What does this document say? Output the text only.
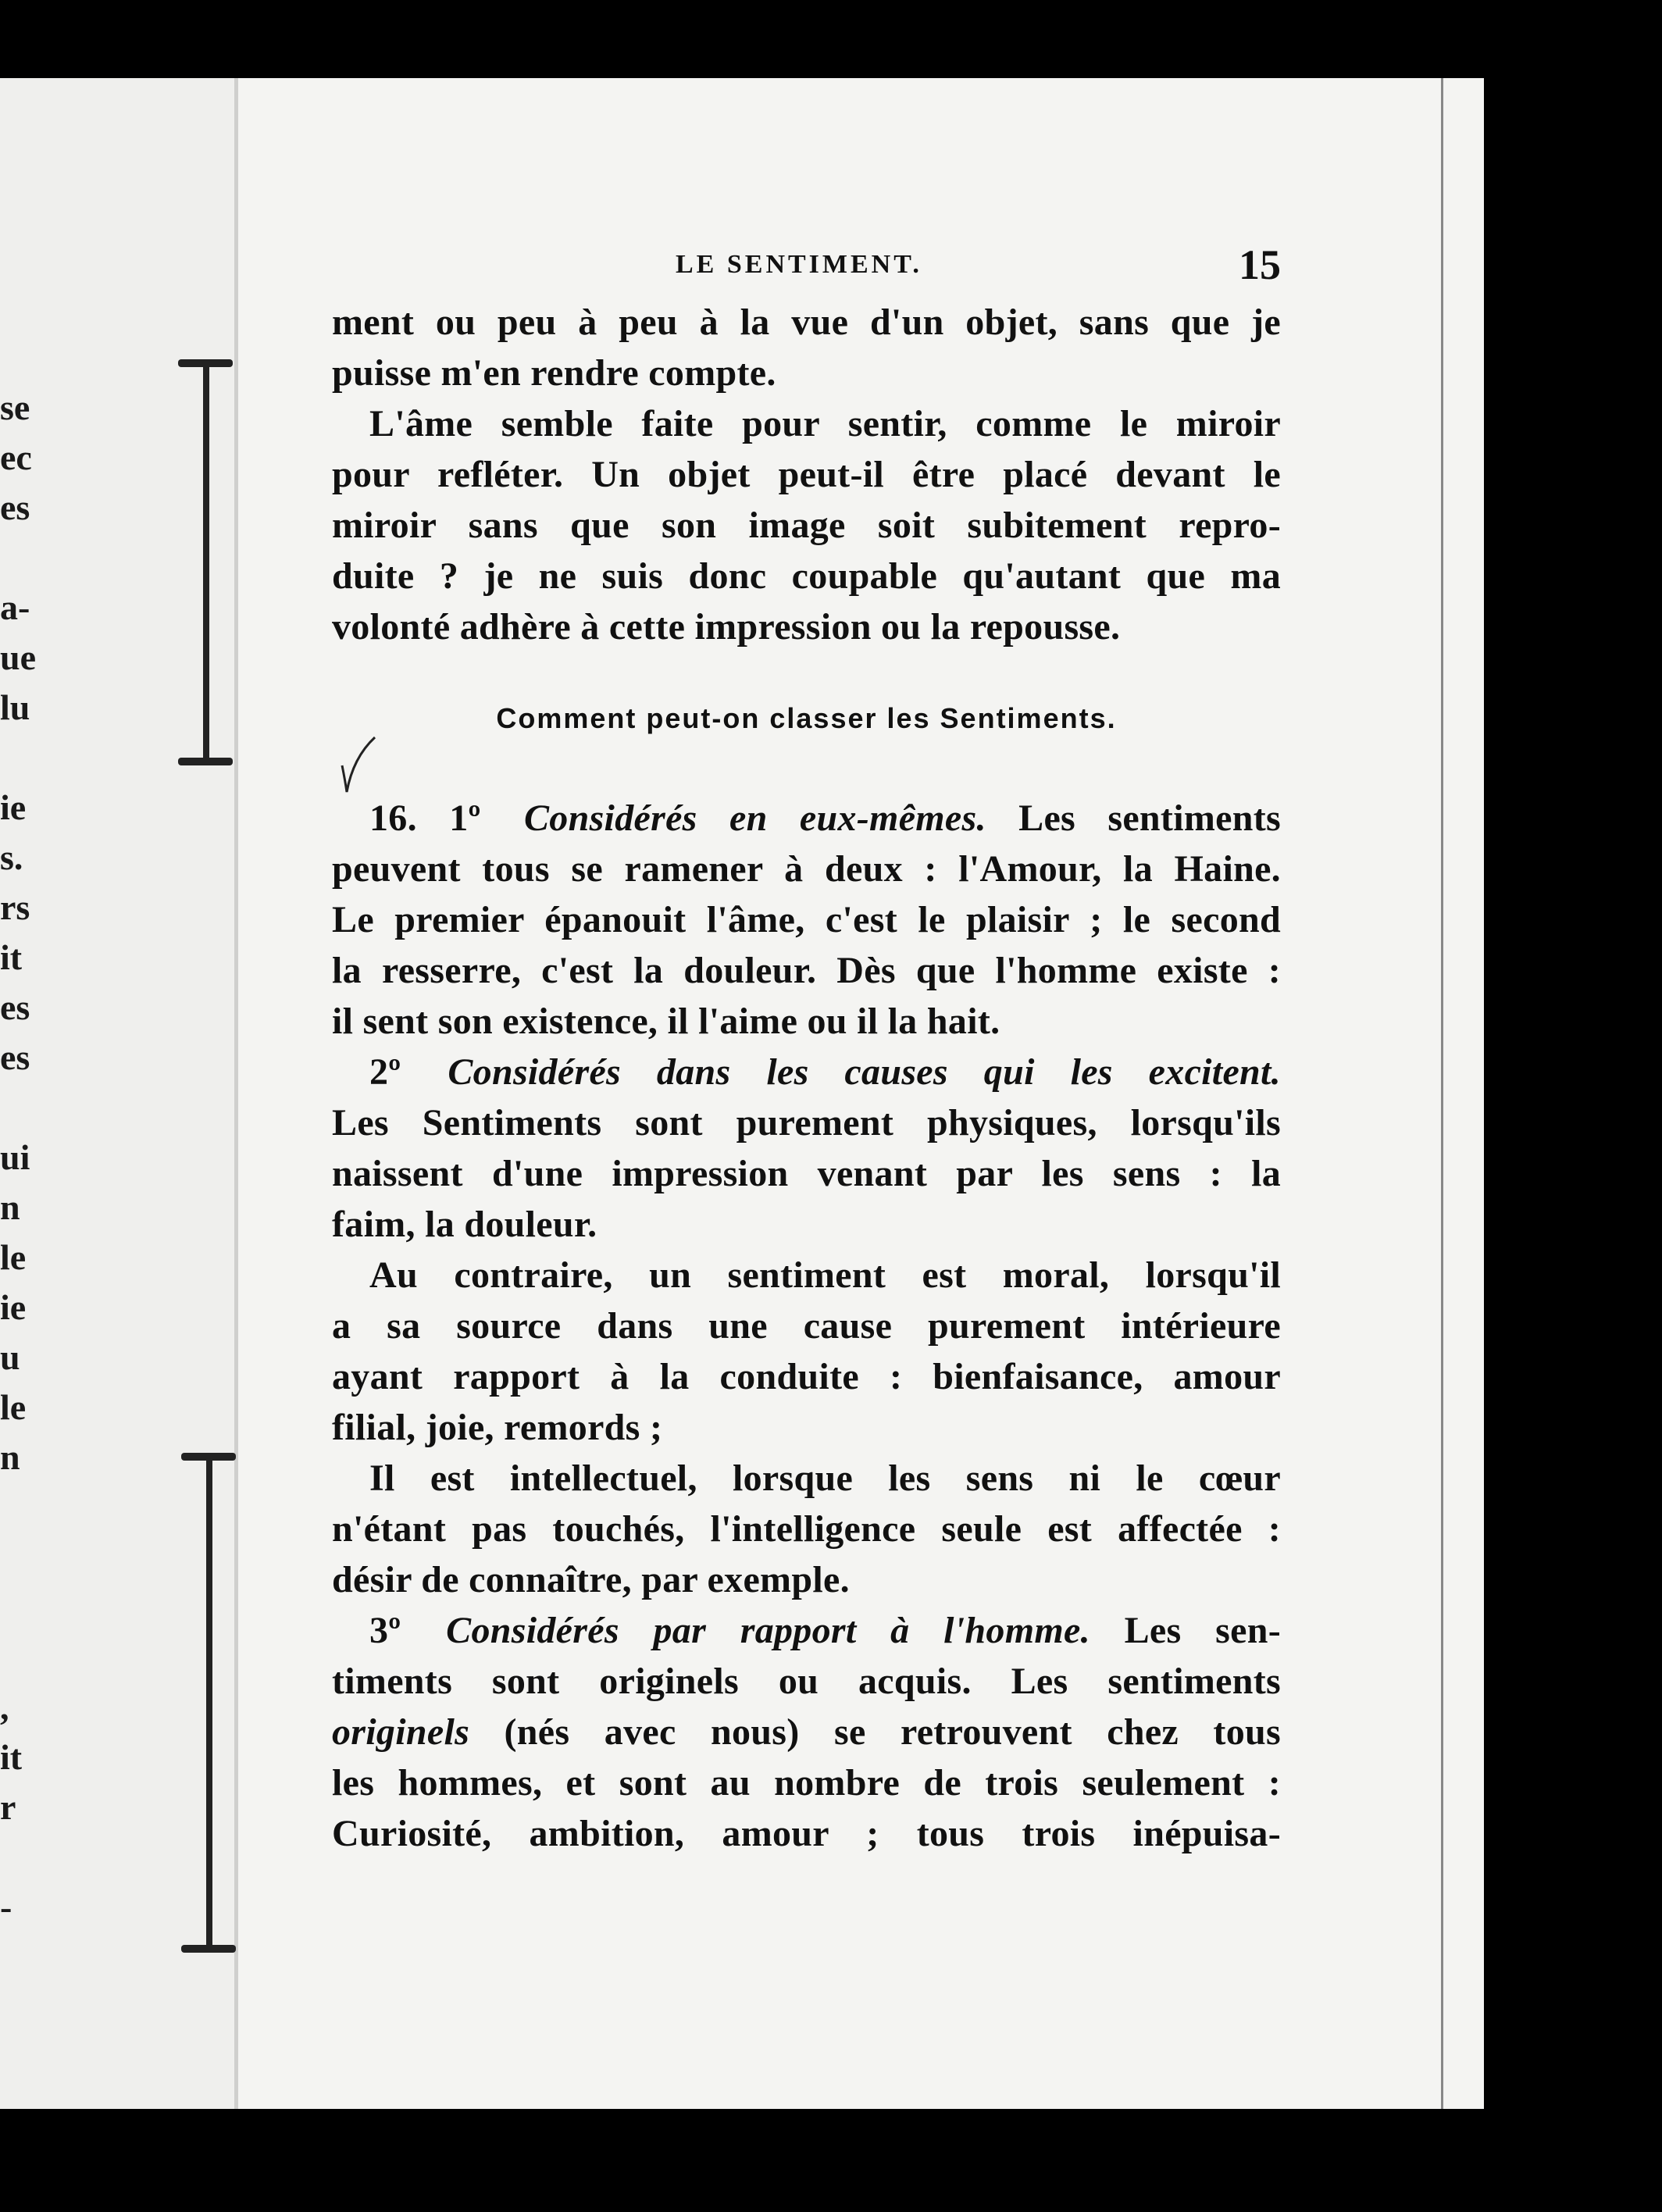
se
ec
es
a-
ue
lu
ie
s.
rs
it
es
es
ui
n
le
ie
u
le
n
,
it
r
-
LE SENTIMENT.	15
ment ou peu à peu à la vue d'un objet, sans que je
puisse m'en rendre compte.
L'âme semble faite pour sentir, comme le miroir
pour refléter. Un objet peut-il être placé devant le
miroir sans que son image soit subitement repro-
duite ? je ne suis donc coupable qu'autant que ma
volonté adhère à cette impression ou la repousse.
Comment peut-on classer les Sentiments.
16. 1º Considérés en eux-mêmes. Les sentiments
peuvent tous se ramener à deux : l'Amour, la Haine.
Le premier épanouit l'âme, c'est le plaisir ; le second
la resserre, c'est la douleur. Dès que l'homme existe :
il sent son existence, il l'aime ou il la hait.
2º Considérés dans les causes qui les excitent.
Les Sentiments sont purement physiques, lorsqu'ils
naissent d'une impression venant par les sens : la
faim, la douleur.
Au contraire, un sentiment est moral, lorsqu'il
a sa source dans une cause purement intérieure
ayant rapport à la conduite : bienfaisance, amour
filial, joie, remords ;
Il est intellectuel, lorsque les sens ni le cœur
n'étant pas touchés, l'intelligence seule est affectée :
désir de connaître, par exemple.
3º Considérés par rapport à l'homme. Les sen-
timents sont originels ou acquis. Les sentiments
originels (nés avec nous) se retrouvent chez tous
les hommes, et sont au nombre de trois seulement :
Curiosité, ambition, amour ; tous trois inépuisa-
